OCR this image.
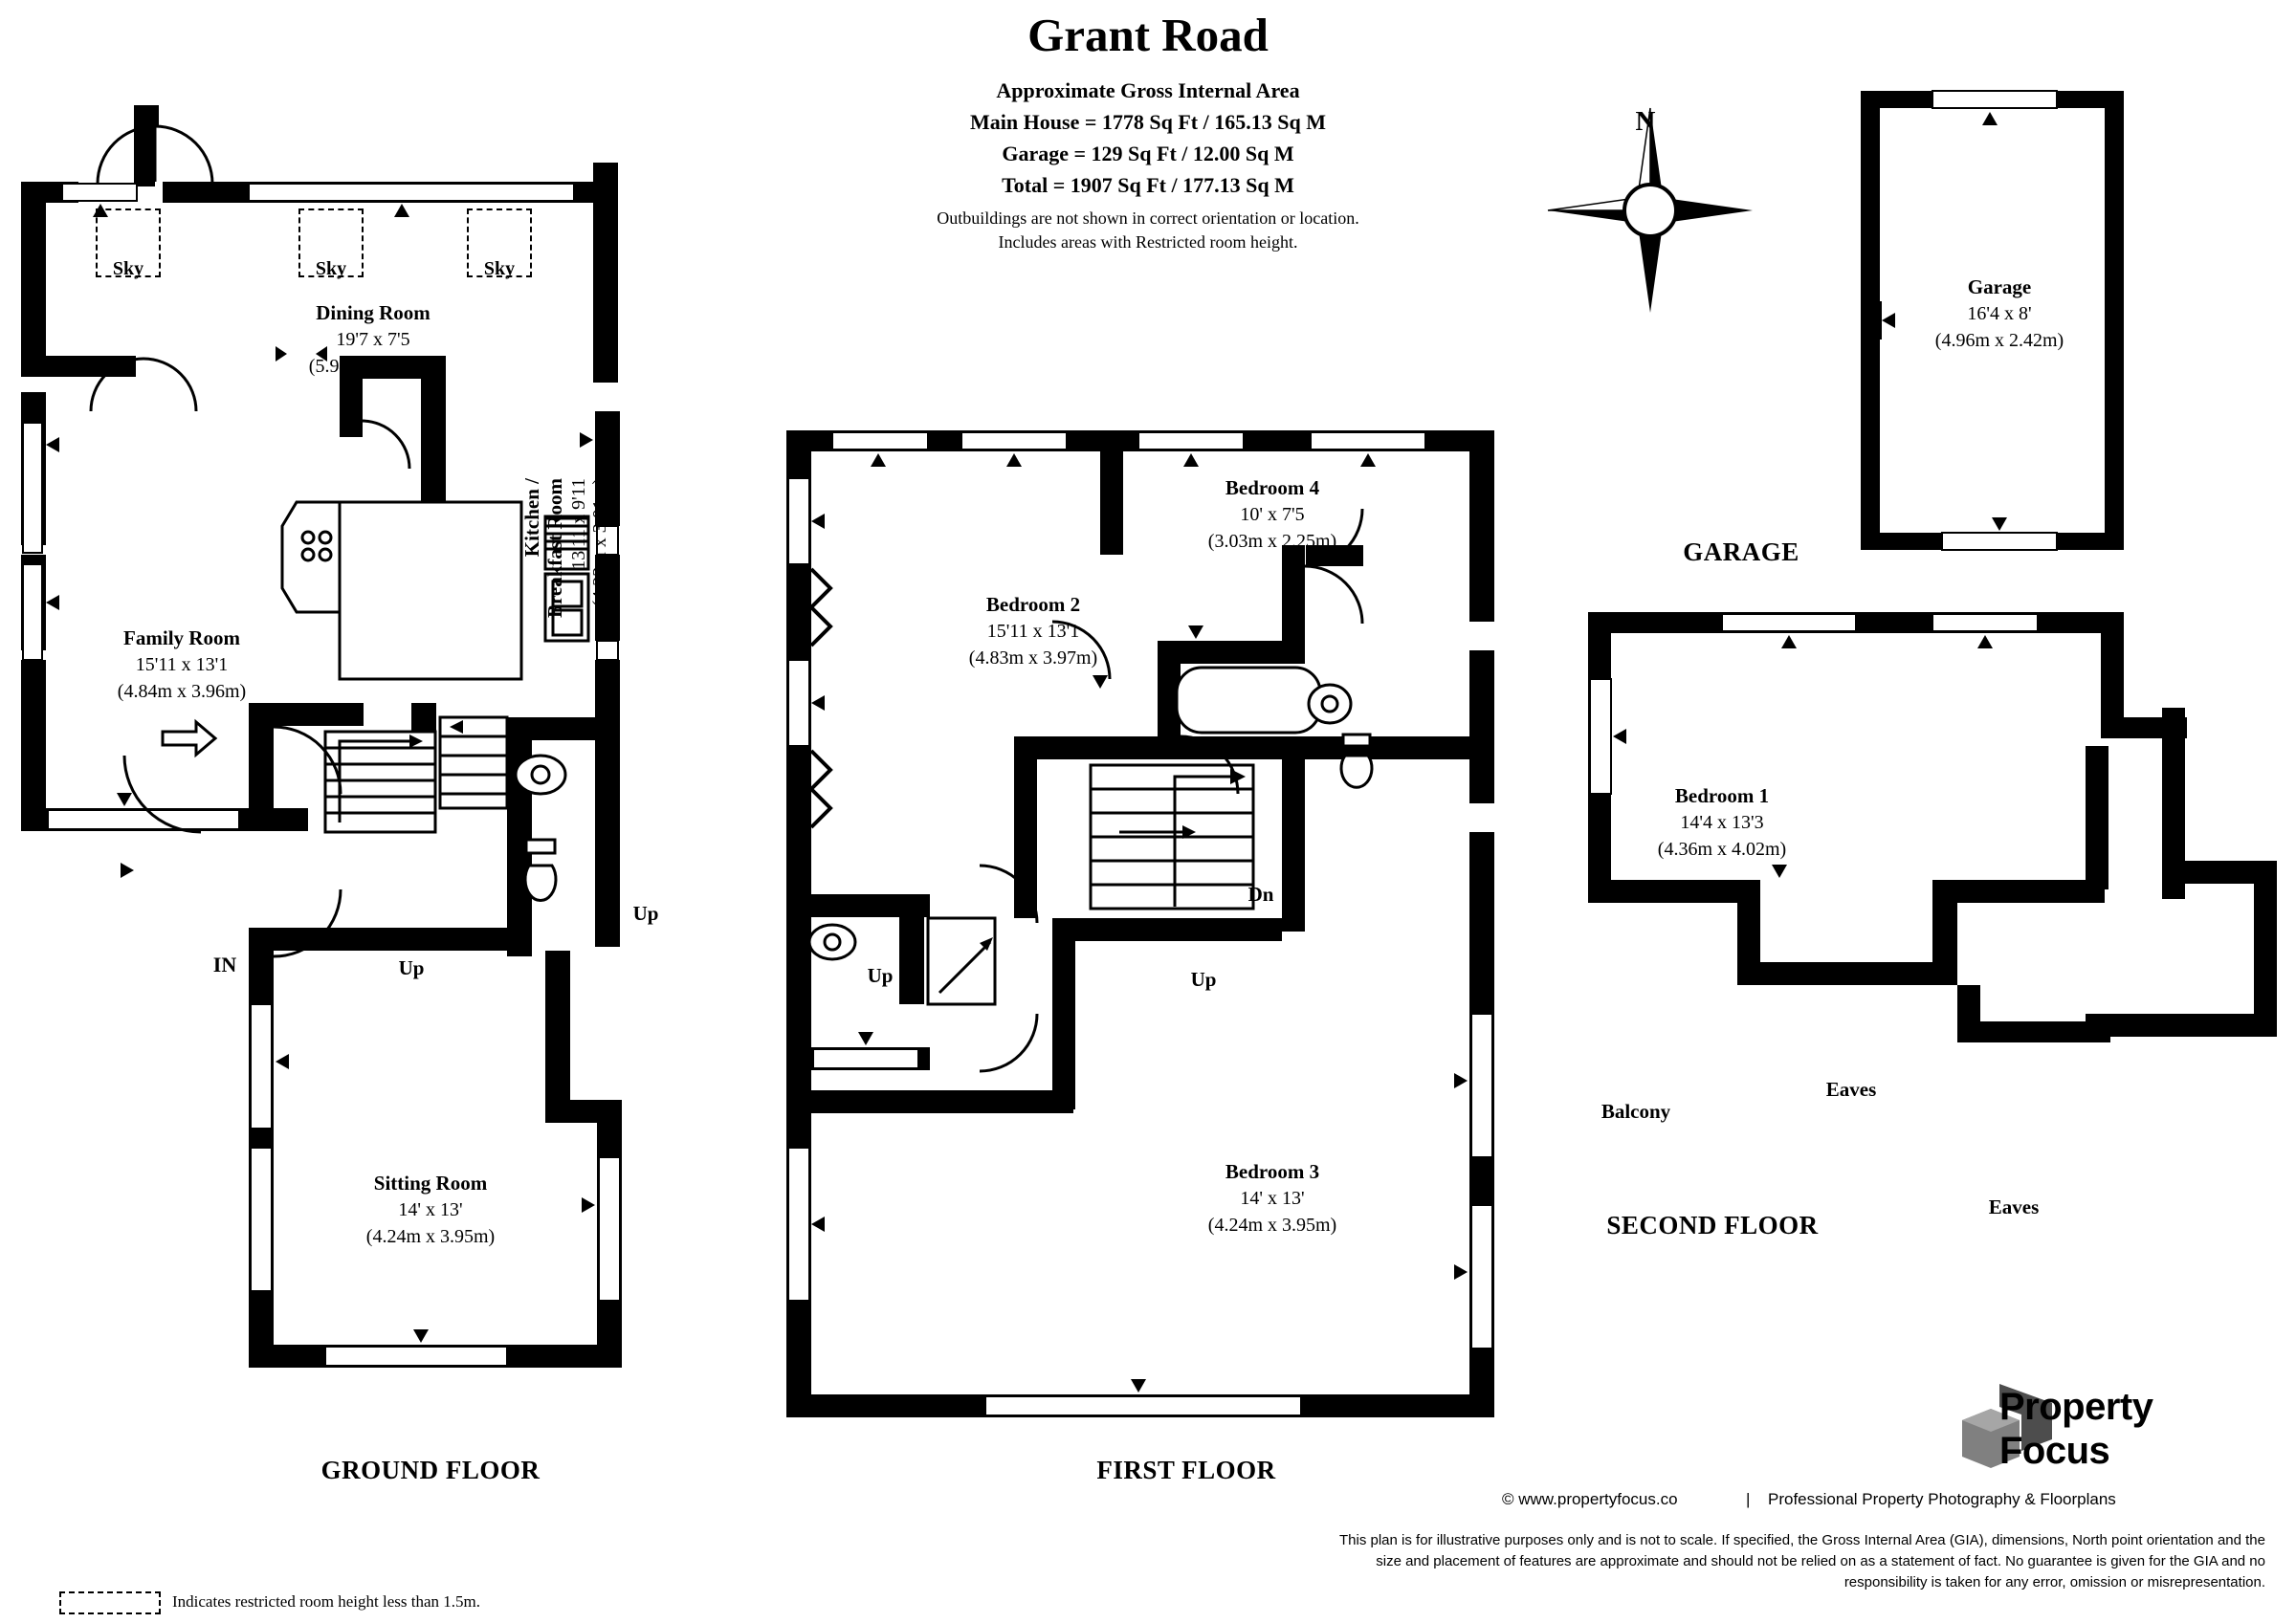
Grant Road
Approximate Gross Internal Area
Main House = 1778 Sq Ft / 165.13 Sq M
Garage = 129 Sq Ft / 12.00 Sq M
Total = 1907 Sq Ft / 177.13 Sq M
Outbuildings are not shown in correct orientation or location.
Includes areas with Restricted room height.
N
Garage
16'4 x 8'
(4.96m x 2.42m)
GARAGE
Sky	Sky	Sky
Dining Room
19'7 x 7'5
(5.94m x 2.26m)
Family Room
15'11 x 13'1
(4.84m x 3.96m)
Kitchen / Breakfast Room 13'11 x 9'11 (4.23m x 3.01m)
Sitting Room
14' x 13'
(4.24m x 3.95m)
IN	Up
Up
GROUND FLOOR
Bedroom 2
15'11 x 13'1
(4.83m x 3.97m)
Bedroom 4
10' x 7'5
(3.03m x 2.25m)
Bedroom 3
14' x 13'
(4.24m x 3.95m)
Up	Up
Dn
FIRST FLOOR
Bedroom 1
14'4 x 13'3
(4.36m x 4.02m)
Balcony
Eaves
Eaves
Dn
SECOND FLOOR
Indicates restricted room height less than 1.5m.
Property
Focus
© www.propertyfocus.co	| Professional Property Photography & Floorplans
This plan is for illustrative purposes only and is not to scale. If specified, the Gross Internal Area (GIA), dimensions, North point orientation and the size and placement of features are approximate and should not be relied on as a statement of fact. No guarantee is given for the GIA and no responsibility is taken for any error, omission or misrepresentation.
